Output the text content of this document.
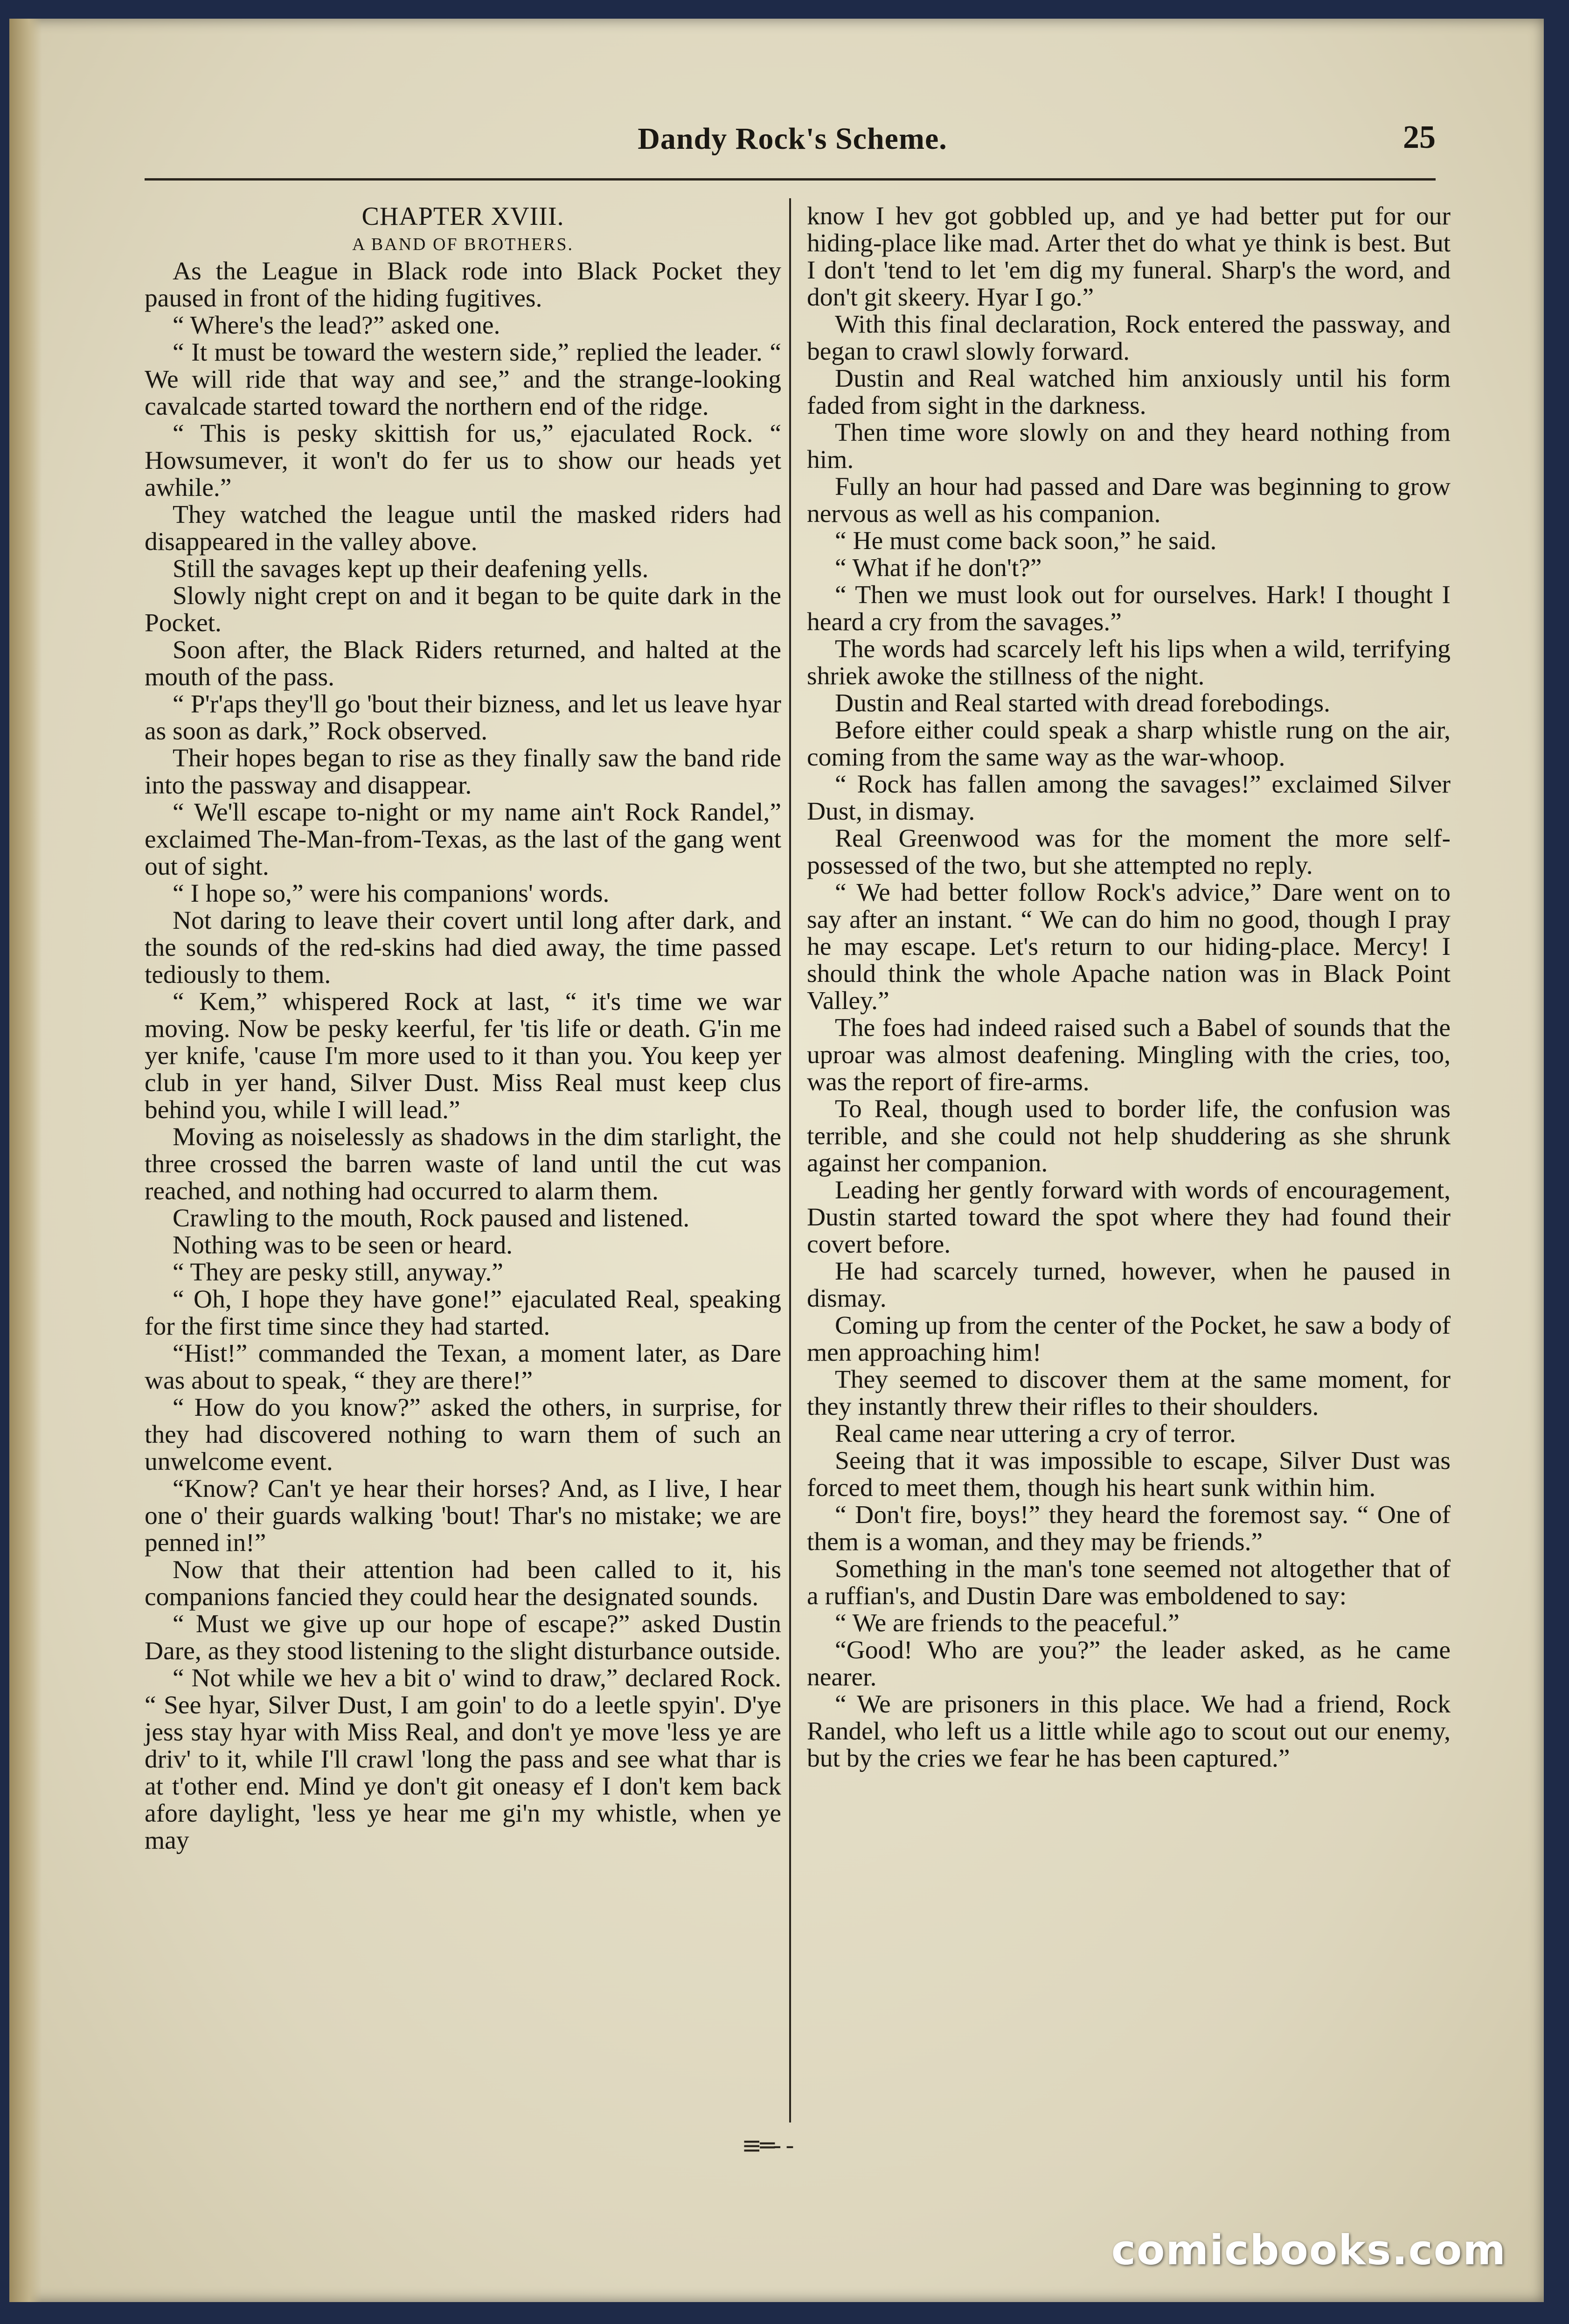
Dandy Rock's Scheme.	25

CHAPTER XVIII.

A BAND OF BROTHERS.

As the League in Black rode into Black Pocket they paused in front of the hiding fugitives.

“ Where's the lead?” asked one.

“ It must be toward the western side,” replied the leader. “ We will ride that way and see,” and the strange-looking cavalcade started toward the northern end of the ridge.

“ This is pesky skittish for us,” ejaculated Rock. “ Howsumever, it won't do fer us to show our heads yet awhile.”

They watched the league until the masked riders had disappeared in the valley above.

Still the savages kept up their deafening yells.

Slowly night crept on and it began to be quite dark in the Pocket.

Soon after, the Black Riders returned, and halted at the mouth of the pass.

“ P'r'aps they'll go 'bout their bizness, and let us leave hyar as soon as dark,” Rock observed.

Their hopes began to rise as they finally saw the band ride into the passway and disappear.

“ We'll escape to-night or my name ain't Rock Randel,” exclaimed The-Man-from-Texas, as the last of the gang went out of sight.

“ I hope so,” were his companions' words.

Not daring to leave their covert until long after dark, and the sounds of the red-skins had died away, the time passed tediously to them.

“ Kem,” whispered Rock at last, “ it's time we war moving. Now be pesky keerful, fer 'tis life or death. G'in me yer knife, 'cause I'm more used to it than you. You keep yer club in yer hand, Silver Dust. Miss Real must keep clus behind you, while I will lead.”

Moving as noiselessly as shadows in the dim starlight, the three crossed the barren waste of land until the cut was reached, and nothing had occurred to alarm them.

Crawling to the mouth, Rock paused and listened.

Nothing was to be seen or heard.

“ They are pesky still, anyway.”

“ Oh, I hope they have gone!” ejaculated Real, speaking for the first time since they had started.

“Hist!” commanded the Texan, a moment later, as Dare was about to speak, “ they are there!”

“ How do you know?” asked the others, in surprise, for they had discovered nothing to warn them of such an unwelcome event.

“Know? Can't ye hear their horses? And, as I live, I hear one o' their guards walking 'bout! Thar's no mistake; we are penned in!”

Now that their attention had been called to it, his companions fancied they could hear the designated sounds.

“ Must we give up our hope of escape?” asked Dustin Dare, as they stood listening to the slight disturbance outside.

“ Not while we hev a bit o' wind to draw,” declared Rock. “ See hyar, Silver Dust, I am goin' to do a leetle spyin'. D'ye jess stay hyar with Miss Real, and don't ye move 'less ye are driv' to it, while I'll crawl 'long the pass and see what thar is at t'other end. Mind ye don't git oneasy ef I don't kem back afore daylight, 'less ye hear me gi'n my whistle, when ye may

know I hev got gobbled up, and ye had better put for our hiding-place like mad. Arter thet do what ye think is best. But I don't 'tend to let 'em dig my funeral. Sharp's the word, and don't git skeery. Hyar I go.”

With this final declaration, Rock entered the passway, and began to crawl slowly forward.

Dustin and Real watched him anxiously until his form faded from sight in the darkness.

Then time wore slowly on and they heard nothing from him.

Fully an hour had passed and Dare was beginning to grow nervous as well as his companion.

“ He must come back soon,” he said.

“ What if he don't?”

“ Then we must look out for ourselves. Hark! I thought I heard a cry from the savages.”

The words had scarcely left his lips when a wild, terrifying shriek awoke the stillness of the night.

Dustin and Real started with dread forebodings.

Before either could speak a sharp whistle rung on the air, coming from the same way as the war-whoop.

“ Rock has fallen among the savages!” exclaimed Silver Dust, in dismay.

Real Greenwood was for the moment the more self-possessed of the two, but she attempted no reply.

“ We had better follow Rock's advice,” Dare went on to say after an instant. “ We can do him no good, though I pray he may escape. Let's return to our hiding-place. Mercy! I should think the whole Apache nation was in Black Point Valley.”

The foes had indeed raised such a Babel of sounds that the uproar was almost deafening. Mingling with the cries, too, was the report of fire-arms.

To Real, though used to border life, the confusion was terrible, and she could not help shuddering as she shrunk against her companion.

Leading her gently forward with words of encouragement, Dustin started toward the spot where they had found their covert before.

He had scarcely turned, however, when he paused in dismay.

Coming up from the center of the Pocket, he saw a body of men approaching him!

They seemed to discover them at the same moment, for they instantly threw their rifles to their shoulders.

Real came near uttering a cry of terror.

Seeing that it was impossible to escape, Silver Dust was forced to meet them, though his heart sunk within him.

“ Don't fire, boys!” they heard the foremost say. “ One of them is a woman, and they may be friends.”

Something in the man's tone seemed not altogether that of a ruffian's, and Dustin Dare was emboldened to say:

“ We are friends to the peaceful.”

“Good! Who are you?” the leader asked, as he came nearer.

“ We are prisoners in this place. We had a friend, Rock Randel, who left us a little while ago to scout out our enemy, but by the cries we fear he has been captured.”

≡═- -
comicbooks.com
